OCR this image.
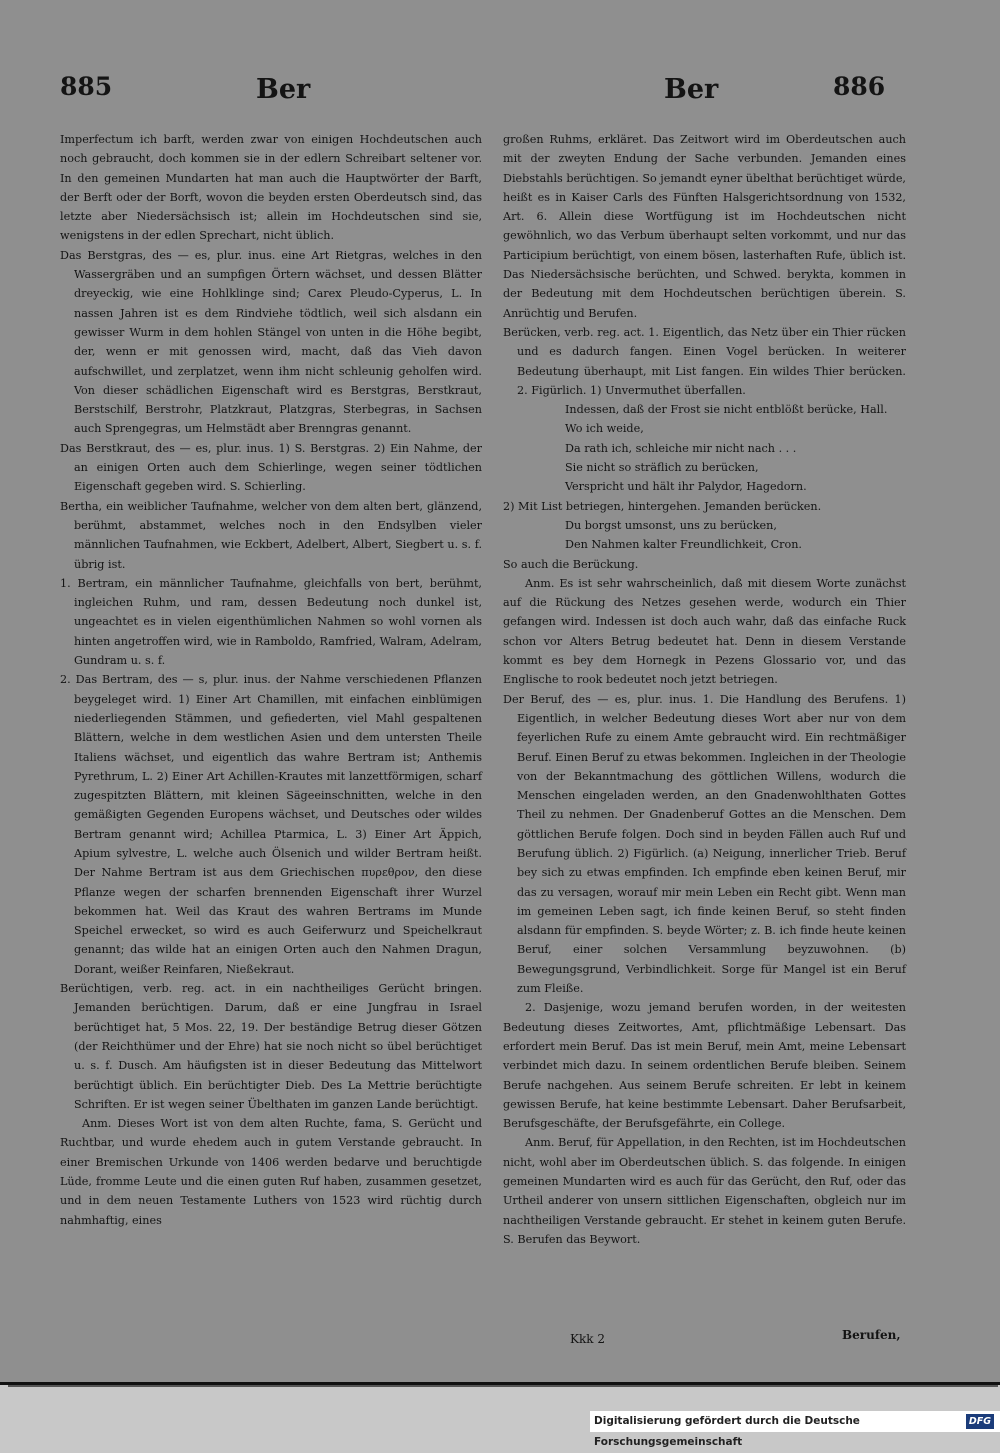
885	Ber	Ber	886

Imperfectum ich barft, werden zwar von einigen Hochdeutschen auch noch gebraucht, doch kommen sie in der edlern Schreibart seltener vor. In den gemeinen Mundarten hat man auch die Hauptwörter der Barft, der Berft oder der Borft, wovon die beyden ersten Oberdeutsch sind, das letzte aber Niedersächsisch ist; allein im Hochdeutschen sind sie, wenigstens in der edlen Sprechart, nicht üblich.

Das Berstgras, des — es, plur. inus. eine Art Rietgras, welches in den Wassergräben und an sumpfigen Örtern wächset, und dessen Blätter dreyeckig, wie eine Hohlklinge sind; Carex Pleudo-Cyperus, L. In nassen Jahren ist es dem Rindviehe tödtlich, weil sich alsdann ein gewisser Wurm in dem hohlen Stängel von unten in die Höhe begibt, der, wenn er mit genossen wird, macht, daß das Vieh davon aufschwillet, und zerplatzet, wenn ihm nicht schleunig geholfen wird. Von dieser schädlichen Eigenschaft wird es Berstgras, Berstkraut, Berstschilf, Berstrohr, Platzkraut, Platzgras, Sterbegras, in Sachsen auch Sprengegras, um Helmstädt aber Brenngras genannt.

Das Berstkraut, des — es, plur. inus. 1) S. Berstgras. 2) Ein Nahme, der an einigen Orten auch dem Schierlinge, wegen seiner tödtlichen Eigenschaft gegeben wird. S. Schierling.

Bertha, ein weiblicher Taufnahme, welcher von dem alten bert, glänzend, berühmt, abstammet, welches noch in den Endsylben vieler männlichen Taufnahmen, wie Eckbert, Adelbert, Albert, Siegbert u. s. f. übrig ist.

1. Bertram, ein männlicher Taufnahme, gleichfalls von bert, berühmt, ingleichen Ruhm, und ram, dessen Bedeutung noch dunkel ist, ungeachtet es in vielen eigenthümlichen Nahmen so wohl vornen als hinten angetroffen wird, wie in Ramboldo, Ramfried, Walram, Adelram, Gundram u. s. f.

2. Das Bertram, des — s, plur. inus. der Nahme verschiedenen Pflanzen beygeleget wird. 1) Einer Art Chamillen, mit einfachen einblümigen niederliegenden Stämmen, und gefiederten, viel Mahl gespaltenen Blättern, welche in dem westlichen Asien und dem untersten Theile Italiens wächset, und eigentlich das wahre Bertram ist; Anthemis Pyrethrum, L. 2) Einer Art Achillen-Krautes mit lanzettförmigen, scharf zugespitzten Blättern, mit kleinen Sägeeinschnitten, welche in den gemäßigten Gegenden Europens wächset, und Deutsches oder wildes Bertram genannt wird; Achillea Ptarmica, L. 3) Einer Art Äppich, Apium sylvestre, L. welche auch Ölsenich und wilder Bertram heißt. Der Nahme Bertram ist aus dem Griechischen πυρεθρον, den diese Pflanze wegen der scharfen brennenden Eigenschaft ihrer Wurzel bekommen hat. Weil das Kraut des wahren Bertrams im Munde Speichel erwecket, so wird es auch Geiferwurz und Speichelkraut genannt; das wilde hat an einigen Orten auch den Nahmen Dragun, Dorant, weißer Reinfaren, Nießekraut.

Berüchtigen, verb. reg. act. in ein nachtheiliges Gerücht bringen. Jemanden berüchtigen. Darum, daß er eine Jungfrau in Israel berüchtiget hat, 5 Mos. 22, 19. Der beständige Betrug dieser Götzen (der Reichthümer und der Ehre) hat sie noch nicht so übel berüchtiget u. s. f. Dusch. Am häufigsten ist in dieser Bedeutung das Mittelwort berüchtigt üblich. Ein berüchtigter Dieb. Des La Mettrie berüchtigte Schriften. Er ist wegen seiner Übelthaten im ganzen Lande berüchtigt.

Anm. Dieses Wort ist von dem alten Ruchte, fama, S. Gerücht und Ruchtbar, und wurde ehedem auch in gutem Verstande gebraucht. In einer Bremischen Urkunde von 1406 werden bedarve und beruchtigde Lüde, fromme Leute und die einen guten Ruf haben, zusammen gesetzet, und in dem neuen Testamente Luthers von 1523 wird rüchtig durch nahmhaftig, eines

großen Ruhms, erkläret. Das Zeitwort wird im Oberdeutschen auch mit der zweyten Endung der Sache verbunden. Jemanden eines Diebstahls berüchtigen. So jemandt eyner übelthat berüchtiget würde, heißt es in Kaiser Carls des Fünften Halsgerichtsordnung von 1532, Art. 6. Allein diese Wortfügung ist im Hochdeutschen nicht gewöhnlich, wo das Verbum überhaupt selten vorkommt, und nur das Participium berüchtigt, von einem bösen, lasterhaften Rufe, üblich ist. Das Niedersächsische berüchten, und Schwed. berykta, kommen in der Bedeutung mit dem Hochdeutschen berüchtigen überein. S. Anrüchtig und Berufen.

Berücken, verb. reg. act. 1. Eigentlich, das Netz über ein Thier rücken und es dadurch fangen. Einen Vogel berücken. In weiterer Bedeutung überhaupt, mit List fangen. Ein wildes Thier berücken. 2. Figürlich. 1) Unvermuthet überfallen.

Indessen, daß der Frost sie nicht entblößt berücke, Hall.

Wo ich weide,

Da rath ich, schleiche mir nicht nach . . .

Sie nicht so sträflich zu berücken,

Verspricht und hält ihr Palydor, Hagedorn.

2) Mit List betriegen, hintergehen. Jemanden berücken.

Du borgst umsonst, uns zu berücken,

Den Nahmen kalter Freundlichkeit, Cron.

So auch die Berückung.

Anm. Es ist sehr wahrscheinlich, daß mit diesem Worte zunächst auf die Rückung des Netzes gesehen werde, wodurch ein Thier gefangen wird. Indessen ist doch auch wahr, daß das einfache Ruck schon vor Alters Betrug bedeutet hat. Denn in diesem Verstande kommt es bey dem Hornegk in Pezens Glossario vor, und das Englische to rook bedeutet noch jetzt betriegen.

Der Beruf, des — es, plur. inus. 1. Die Handlung des Berufens. 1) Eigentlich, in welcher Bedeutung dieses Wort aber nur von dem feyerlichen Rufe zu einem Amte gebraucht wird. Ein rechtmäßiger Beruf. Einen Beruf zu etwas bekommen. Ingleichen in der Theologie von der Bekanntmachung des göttlichen Willens, wodurch die Menschen eingeladen werden, an den Gnadenwohlthaten Gottes Theil zu nehmen. Der Gnadenberuf Gottes an die Menschen. Dem göttlichen Berufe folgen. Doch sind in beyden Fällen auch Ruf und Berufung üblich. 2) Figürlich. (a) Neigung, innerlicher Trieb. Beruf bey sich zu etwas empfinden. Ich empfinde eben keinen Beruf, mir das zu versagen, worauf mir mein Leben ein Recht gibt. Wenn man im gemeinen Leben sagt, ich finde keinen Beruf, so steht finden alsdann für empfinden. S. beyde Wörter; z. B. ich finde heute keinen Beruf, einer solchen Versammlung beyzuwohnen. (b) Bewegungsgrund, Verbindlichkeit. Sorge für Mangel ist ein Beruf zum Fleiße.

2. Dasjenige, wozu jemand berufen worden, in der weitesten Bedeutung dieses Zeitwortes, Amt, pflichtmäßige Lebensart. Das erfordert mein Beruf. Das ist mein Beruf, mein Amt, meine Lebensart verbindet mich dazu. In seinem ordentlichen Berufe bleiben. Seinem Berufe nachgehen. Aus seinem Berufe schreiten. Er lebt in keinem gewissen Berufe, hat keine bestimmte Lebensart. Daher Berufsarbeit, Berufsgeschäfte, der Berufsgefährte, ein College.

Anm. Beruf, für Appellation, in den Rechten, ist im Hochdeutschen nicht, wohl aber im Oberdeutschen üblich. S. das folgende. In einigen gemeinen Mundarten wird es auch für das Gerücht, den Ruf, oder das Urtheil anderer von unsern sittlichen Eigenschaften, obgleich nur im nachtheiligen Verstande gebraucht. Er stehet in keinem guten Berufe. S. Berufen das Beywort.

Kkk 2	Berufen,
Digitalisierung gefördert durch die Deutsche Forschungsgemeinschaft
DFG
